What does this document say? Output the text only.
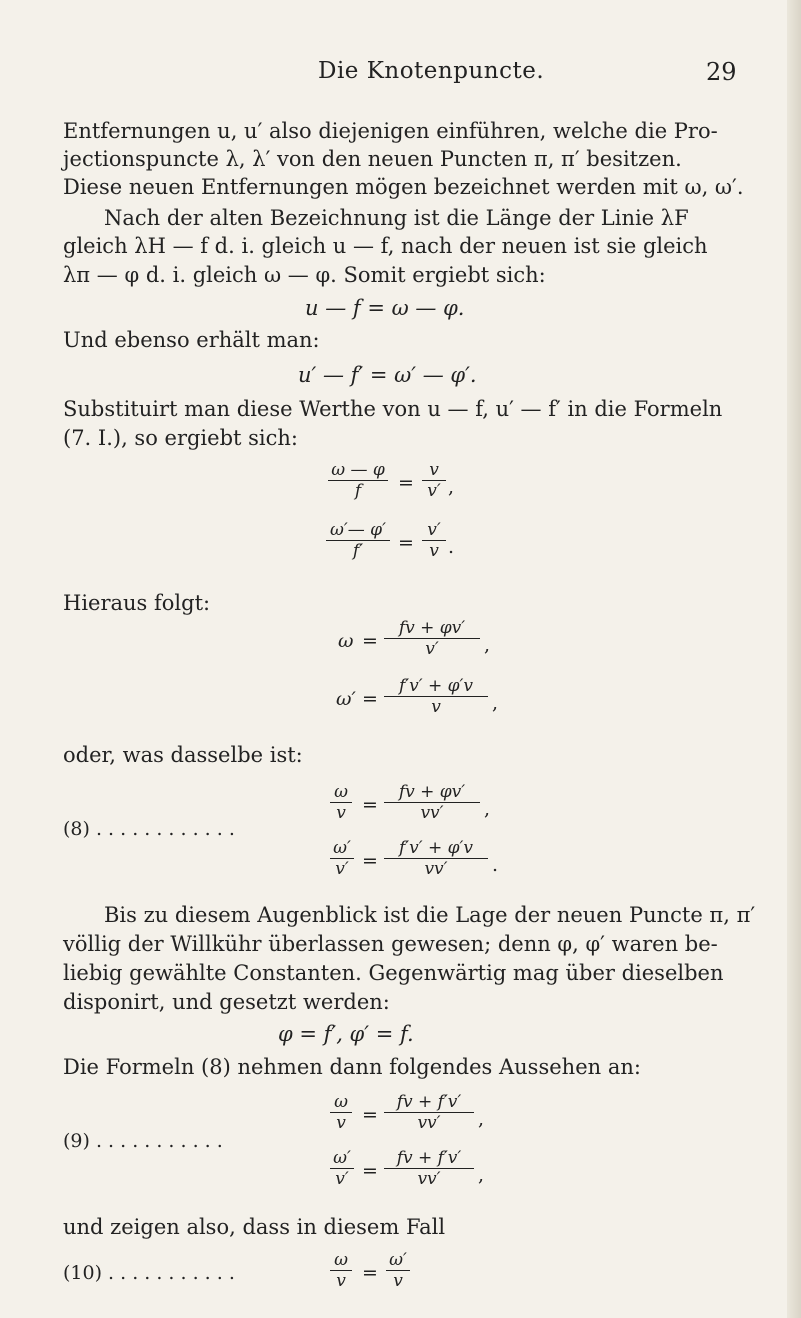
Die Knotenpuncte.	29
Entfernungen u, u′ also diejenigen einführen, welche die Pro-
jectionspuncte λ, λ′ von den neuen Puncten π, π′ besitzen.
Diese neuen Entfernungen mögen bezeichnet werden mit ω, ω′.
Nach der alten Bezeichnung ist die Länge der Linie λF
gleich λH — f d. i. gleich u — f, nach der neuen ist sie gleich
λπ — φ d. i. gleich ω — φ. Somit ergiebt sich:
u — f = ω — φ.
Und ebenso erhält man:
u′ — f′ = ω′ — φ′.
Substituirt man diese Werthe von u — f, u′ — f′ in die Formeln
(7. I.), so ergiebt sich:
ω — φ
f	=
v
v′ ,
ω′— φ′
f′	=
v′
v .
Hieraus folgt:
ω =
fv + φv′
v′	,
ω′ =
f′v′ + φ′v
v	,
oder, was dasselbe ist:
(8) . . . . . . . . . . . .
ω
v =
fv + φv′
vv′	,
ω′
v′ =
f′v′ + φ′v
vv′	.
Bis zu diesem Augenblick ist die Lage der neuen Puncte π, π′
völlig der Willkühr überlassen gewesen; denn φ, φ′ waren be-
liebig gewählte Constanten. Gegenwärtig mag über dieselben
disponirt, und gesetzt werden:
φ = f′, φ′ = f.
Die Formeln (8) nehmen dann folgendes Aussehen an:
(9) . . . . . . . . . . .
ω
v =
fv + f′v′
vv′	,
ω′
v′ =
fv + f′v′
vv′	,
und zeigen also, dass in diesem Fall
(10) . . . . . . . . . . .
ω
v =
ω′
v
